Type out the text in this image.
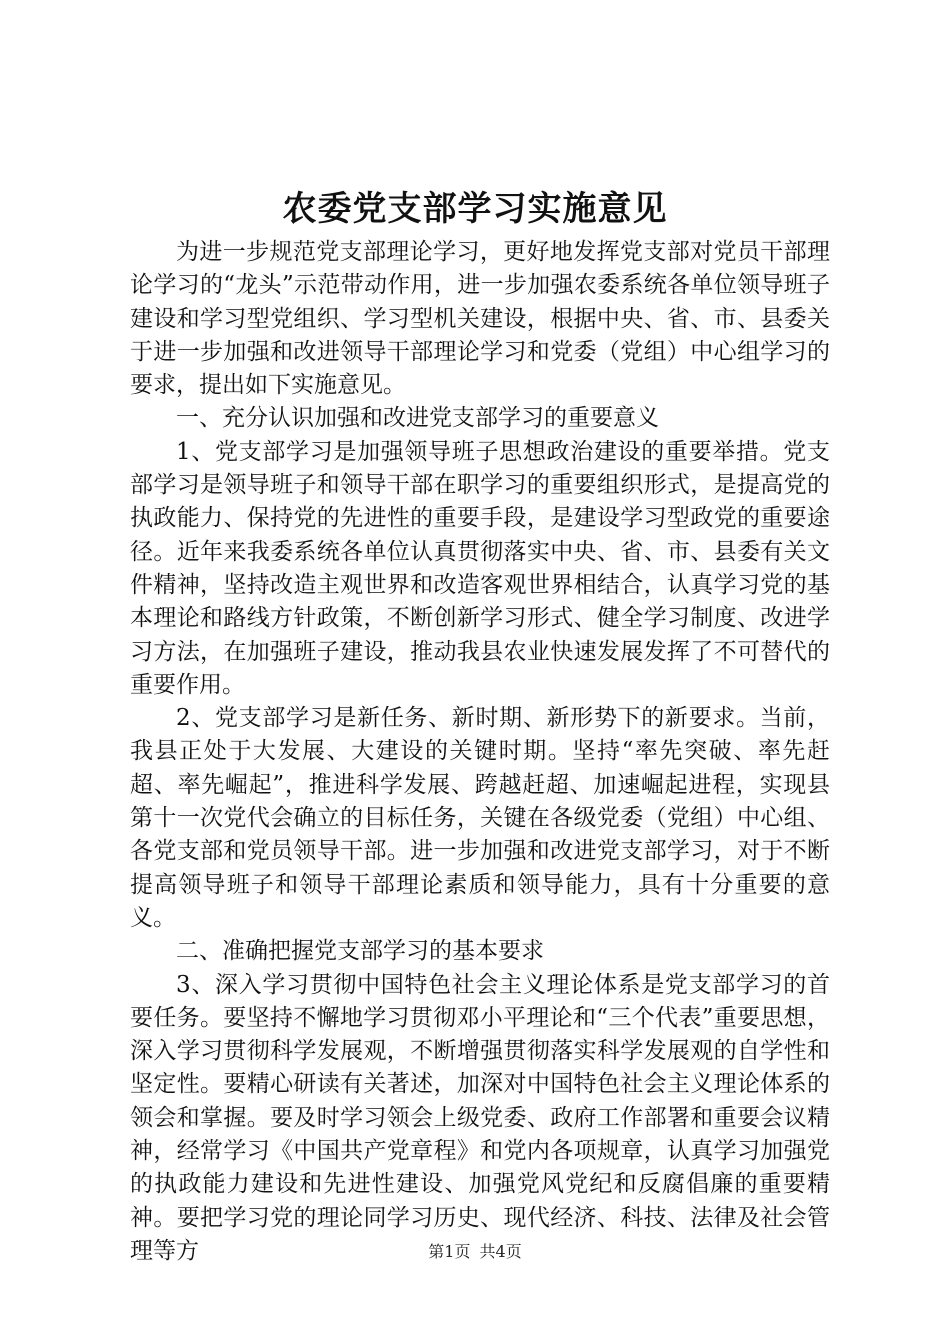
农委党支部学习实施意见

为进一步规范党支部理论学习，更好地发挥党支部对党员干部理论学习的“龙头”示范带动作用，进一步加强农委系统各单位领导班子建设和学习型党组织、学习型机关建设，根据中央、省、市、县委关于进一步加强和改进领导干部理论学习和党委（党组）中心组学习的要求，提出如下实施意见。

一、充分认识加强和改进党支部学习的重要意义

1、党支部学习是加强领导班子思想政治建设的重要举措。党支部学习是领导班子和领导干部在职学习的重要组织形式，是提高党的执政能力、保持党的先进性的重要手段，是建设学习型政党的重要途径。近年来我委系统各单位认真贯彻落实中央、省、市、县委有关文件精神，坚持改造主观世界和改造客观世界相结合，认真学习党的基本理论和路线方针政策，不断创新学习形式、健全学习制度、改进学习方法，在加强班子建设，推动我县农业快速发展发挥了不可替代的重要作用。

2、党支部学习是新任务、新时期、新形势下的新要求。当前，我县正处于大发展、大建设的关键时期。坚持“率先突破、率先赶超、率先崛起”，推进科学发展、跨越赶超、加速崛起进程，实现县第十一次党代会确立的目标任务，关键在各级党委（党组）中心组、各党支部和党员领导干部。进一步加强和改进党支部学习，对于不断提高领导班子和领导干部理论素质和领导能力，具有十分重要的意义。

二、准确把握党支部学习的基本要求

3、深入学习贯彻中国特色社会主义理论体系是党支部学习的首要任务。要坚持不懈地学习贯彻邓小平理论和“三个代表”重要思想，深入学习贯彻科学发展观，不断增强贯彻落实科学发展观的自学性和坚定性。要精心研读有关著述，加深对中国特色社会主义理论体系的领会和掌握。要及时学习领会上级党委、政府工作部署和重要会议精神，经常学习《中国共产党章程》和党内各项规章，认真学习加强党的执政能力建设和先进性建设、加强党风党纪和反腐倡廉的重要精神。要把学习党的理论同学习历史、现代经济、科技、法律及社会管理等方	第1页 共4页
